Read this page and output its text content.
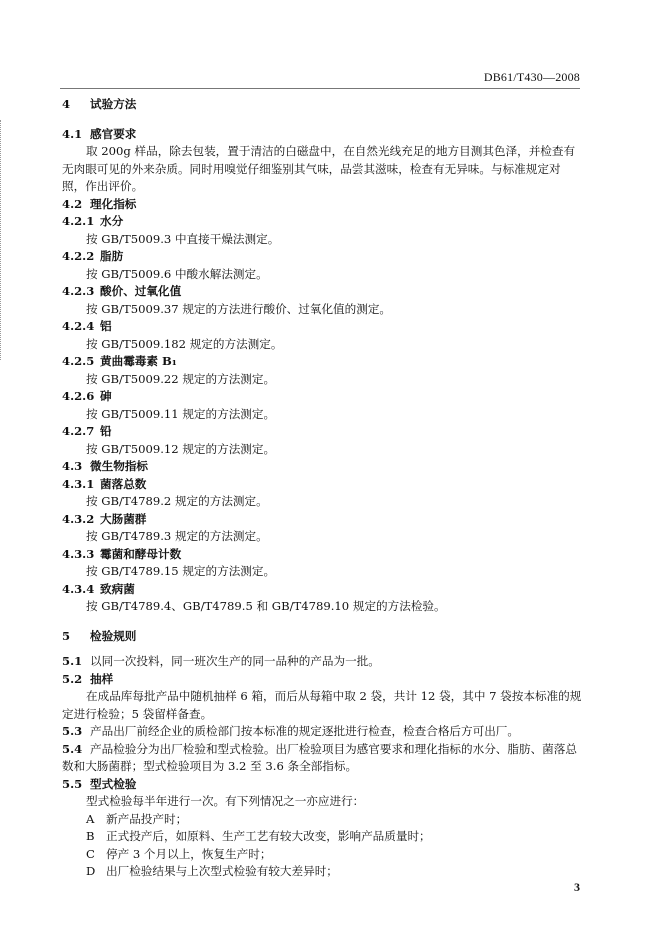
DB61/T430—2008
4 试验方法
4.1 感官要求
取 200g 样品，除去包装，置于清洁的白磁盘中，在自然光线充足的地方目测其色泽，并检查有无肉眼可见的外来杂质。同时用嗅觉仔细鉴别其气味，品尝其滋味，检查有无异味。与标准规定对照，作出评价。
4.2 理化指标
4.2.1 水分
按 GB/T5009.3 中直接干燥法测定。
4.2.2 脂肪
按 GB/T5009.6 中酸水解法测定。
4.2.3 酸价、过氧化值
按 GB/T5009.37 规定的方法进行酸价、过氧化值的测定。
4.2.4 铝
按 GB/T5009.182 规定的方法测定。
4.2.5 黄曲霉毒素 B₁
按 GB/T5009.22 规定的方法测定。
4.2.6 砷
按 GB/T5009.11 规定的方法测定。
4.2.7 铅
按 GB/T5009.12 规定的方法测定。
4.3 微生物指标
4.3.1 菌落总数
按 GB/T4789.2 规定的方法测定。
4.3.2 大肠菌群
按 GB/T4789.3 规定的方法测定。
4.3.3 霉菌和酵母计数
按 GB/T4789.15 规定的方法测定。
4.3.4 致病菌
按 GB/T4789.4、GB/T4789.5 和 GB/T4789.10 规定的方法检验。
5 检验规则
5.1 以同一次投料，同一班次生产的同一品种的产品为一批。
5.2 抽样
在成品库每批产品中随机抽样 6 箱，而后从每箱中取 2 袋，共计 12 袋，其中 7 袋按本标准的规定进行检验；5 袋留样备查。
5.3 产品出厂前经企业的质检部门按本标准的规定逐批进行检查，检查合格后方可出厂。
5.4 产品检验分为出厂检验和型式检验。出厂检验项目为感官要求和理化指标的水分、脂肪、菌落总数和大肠菌群；型式检验项目为 3.2 至 3.6 条全部指标。
5.5 型式检验
型式检验每半年进行一次。有下列情况之一亦应进行：
A 新产品投产时；
B 正式投产后，如原料、生产工艺有较大改变，影响产品质量时；
C 停产 3 个月以上，恢复生产时；
D 出厂检验结果与上次型式检验有较大差异时；
3
